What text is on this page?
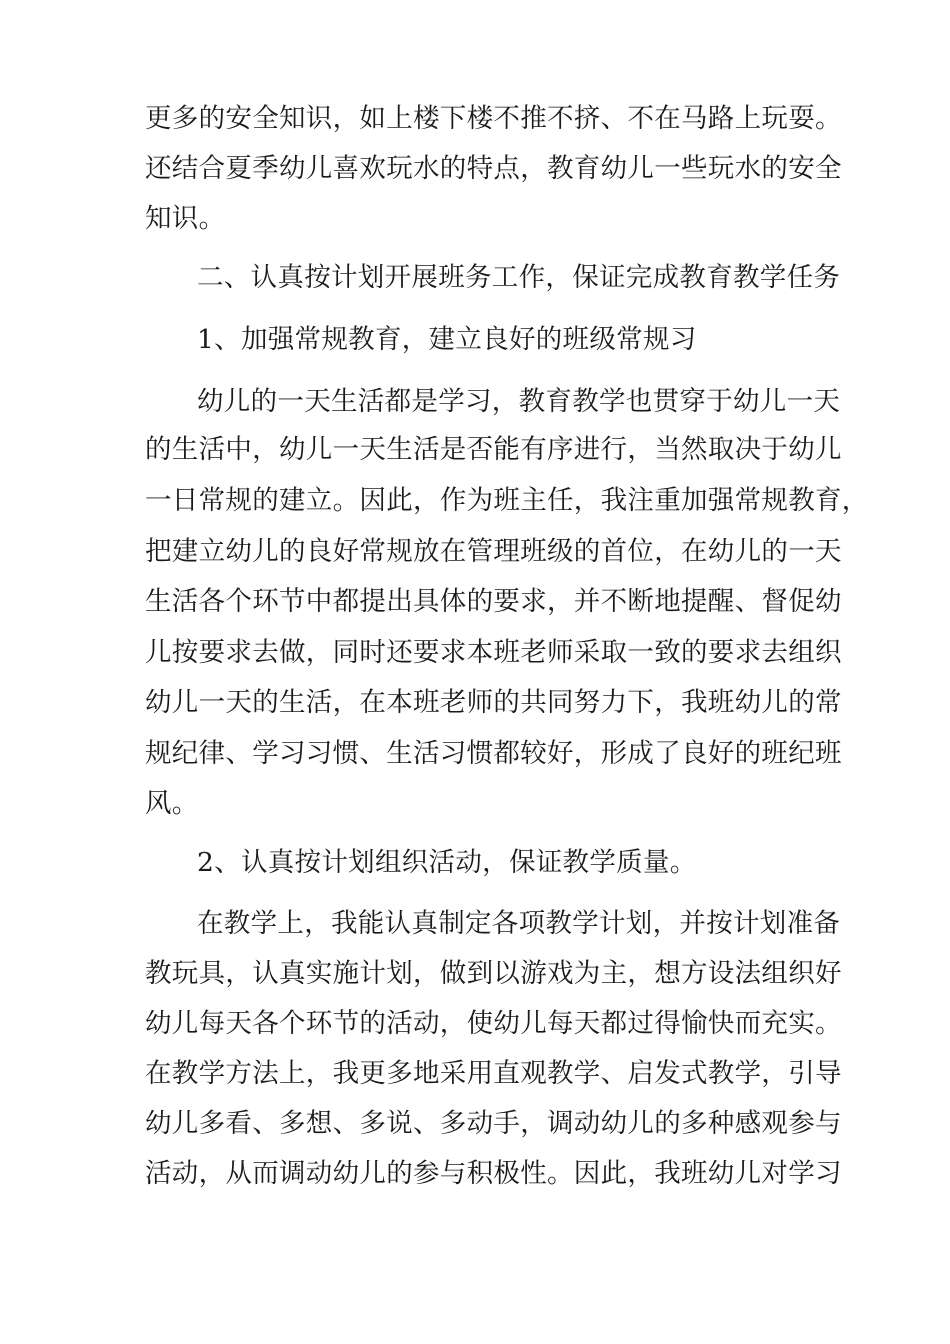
更多的安全知识，如上楼下楼不推不挤、不在马路上玩耍。
还结合夏季幼儿喜欢玩水的特点，教育幼儿一些玩水的安全
知识。
二、认真按计划开展班务工作，保证完成教育教学任务
1、加强常规教育，建立良好的班级常规习
幼儿的一天生活都是学习，教育教学也贯穿于幼儿一天
的生活中，幼儿一天生活是否能有序进行，当然取决于幼儿
一日常规的建立。因此，作为班主任，我注重加强常规教育，
把建立幼儿的良好常规放在管理班级的首位，在幼儿的一天
生活各个环节中都提出具体的要求，并不断地提醒、督促幼
儿按要求去做，同时还要求本班老师采取一致的要求去组织
幼儿一天的生活，在本班老师的共同努力下，我班幼儿的常
规纪律、学习习惯、生活习惯都较好，形成了良好的班纪班
风。
2、认真按计划组织活动，保证教学质量。
在教学上，我能认真制定各项教学计划，并按计划准备
教玩具，认真实施计划，做到以游戏为主，想方设法组织好
幼儿每天各个环节的活动，使幼儿每天都过得愉快而充实。
在教学方法上，我更多地采用直观教学、启发式教学，引导
幼儿多看、多想、多说、多动手，调动幼儿的多种感观参与
活动，从而调动幼儿的参与积极性。因此，我班幼儿对学习
